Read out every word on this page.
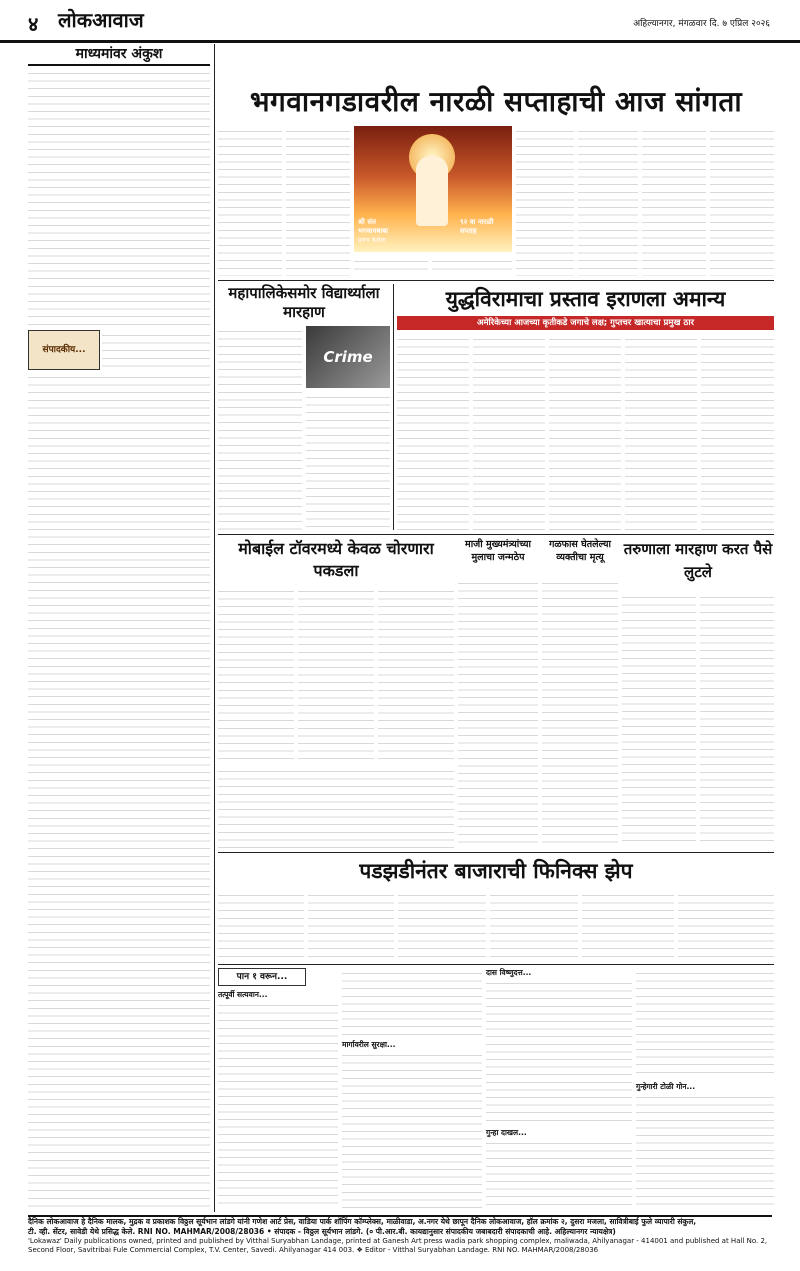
४ लोकआवाज	अहिल्यानगर, मंगळवार दि. ७ एप्रिल २०२६
माध्यमांवर अंकुश
संपादकीय...
भगवानगडावरील नारळी सप्ताहाची आज सांगता
श्री संत भगवानबाबा
प्रारंभ केलेला
९२ वा नारळी सप्ताह
महापालिकेसमोर विद्यार्थ्याला मारहाण
Crime
युद्धविरामाचा प्रस्ताव इराणला अमान्य
अमेरिकेच्या आजच्या कृतीकडे जगाचे लक्ष; गुप्तचर खात्याचा प्रमुख ठार
मोबाईल टॉवरमध्ये केवळ चोरणारा पकडला
माजी मुख्यमंत्र्यांच्या मुलाचा जन्मठेप
गळफास घेतलेल्या व्यक्तीचा मृत्यू	तरुणाला मारहाण करत पैसे लुटले
पडझडीनंतर बाजाराची फिनिक्स झेप
पान १ वरून...
तत्पूर्वी सत्यवान...
मार्गावरील सुरक्षा...
दास विष्णुदत्त...
गुन्हा दाखल...
गुन्हेगारी टोळी गोन...
दैनिक लोकआवाज हे दैनिक मालक, मुद्रक व प्रकाशक विठ्ठल सूर्यभान लांडगे यांनी गणेश आर्ट प्रेस, वाडिया पार्क शॉपिंग कॉम्प्लेक्स, माळीवाडा, अ.नगर येथे छापून दैनिक लोकआवाज, हॉल क्रमांक २, दुसरा मजला, सावित्रीबाई फुले व्यापारी संकुल,
टी. व्ही. सेंटर, सावेडी येथे प्रसिद्ध केले. RNI NO. MAHMAR/2008/28036 • संपादक - विठ्ठल सूर्यभान लांडगे. (० पी.आर.बी. कायद्यानुसार संपादकीय जबाबदारी संपादकाची आहे. अहिल्यानगर न्यायक्षेत्र)
'Lokawaz' Daily publications owned, printed and published by Vitthal Suryabhan Landage, printed at Ganesh Art press wadia park shopping complex, maliwada, Ahilyanagar - 414001 and published at Hall No. 2,
Second Floor, Savitribai Fule Commercial Complex, T.V. Center, Savedi. Ahilyanagar 414 003. ❖ Editor - Vitthal Suryabhan Landage. RNI NO. MAHMAR/2008/28036
